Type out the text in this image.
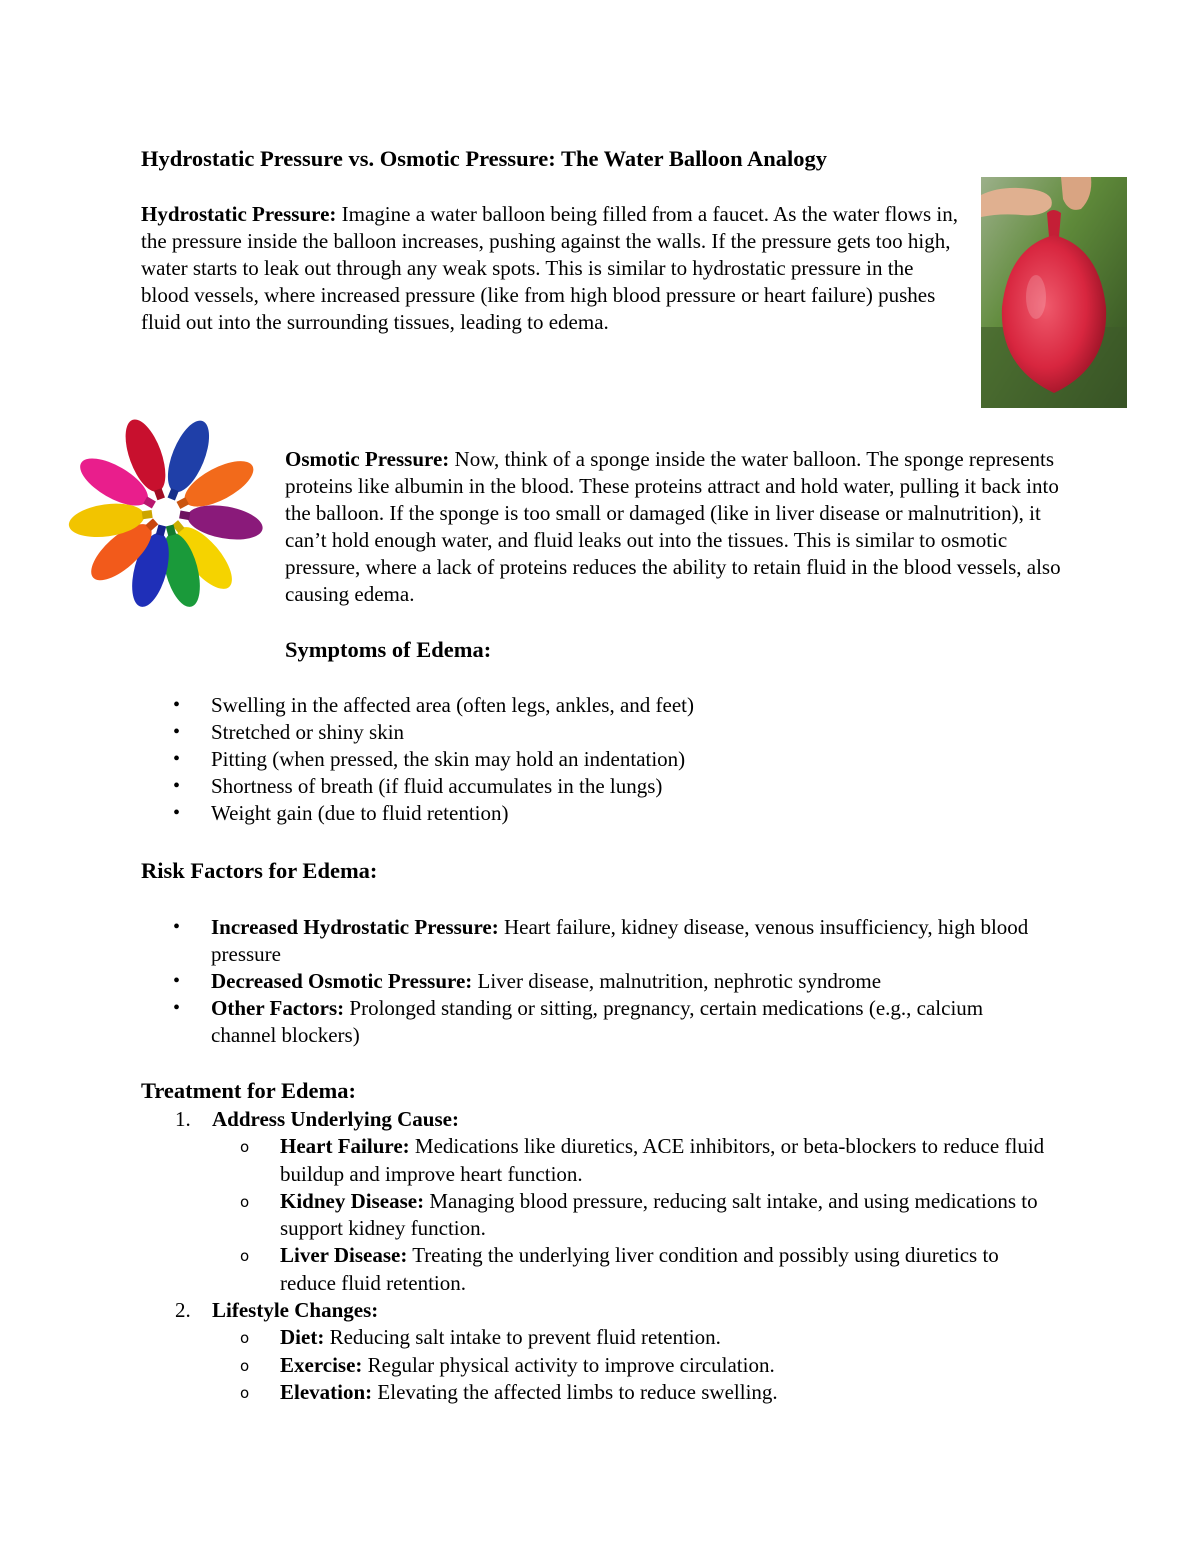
Hydrostatic Pressure vs. Osmotic Pressure: The Water Balloon Analogy

Hydrostatic Pressure: Imagine a water balloon being filled from a faucet. As the water flows in, the pressure inside the balloon increases, pushing against the walls. If the pressure gets too high, water starts to leak out through any weak spots. This is similar to hydrostatic pressure in the blood vessels, where increased pressure (like from high blood pressure or heart failure) pushes fluid out into the surrounding tissues, leading to edema.

Osmotic Pressure: Now, think of a sponge inside the water balloon. The sponge represents proteins like albumin in the blood. These proteins attract and hold water, pulling it back into the balloon. If the sponge is too small or damaged (like in liver disease or malnutrition), it can’t hold enough water, and fluid leaks out into the tissues. This is similar to osmotic pressure, where a lack of proteins reduces the ability to retain fluid in the blood vessels, also causing edema.

Symptoms of Edema:
• Swelling in the affected area (often legs, ankles, and feet)
• Stretched or shiny skin
• Pitting (when pressed, the skin may hold an indentation)
• Shortness of breath (if fluid accumulates in the lungs)
• Weight gain (due to fluid retention)
Risk Factors for Edema:
• Increased Hydrostatic Pressure: Heart failure, kidney disease, venous insufficiency, high blood pressure
• Decreased Osmotic Pressure: Liver disease, malnutrition, nephrotic syndrome
• Other Factors: Prolonged standing or sitting, pregnancy, certain medications (e.g., calcium channel blockers)
Treatment for Edema:
1. Address Underlying Cause:
o Heart Failure: Medications like diuretics, ACE inhibitors, or beta-blockers to reduce fluid buildup and improve heart function.
o Kidney Disease: Managing blood pressure, reducing salt intake, and using medications to support kidney function.
o Liver Disease: Treating the underlying liver condition and possibly using diuretics to reduce fluid retention.
2. Lifestyle Changes:
o Diet: Reducing salt intake to prevent fluid retention.
o Exercise: Regular physical activity to improve circulation.
o Elevation: Elevating the affected limbs to reduce swelling.
